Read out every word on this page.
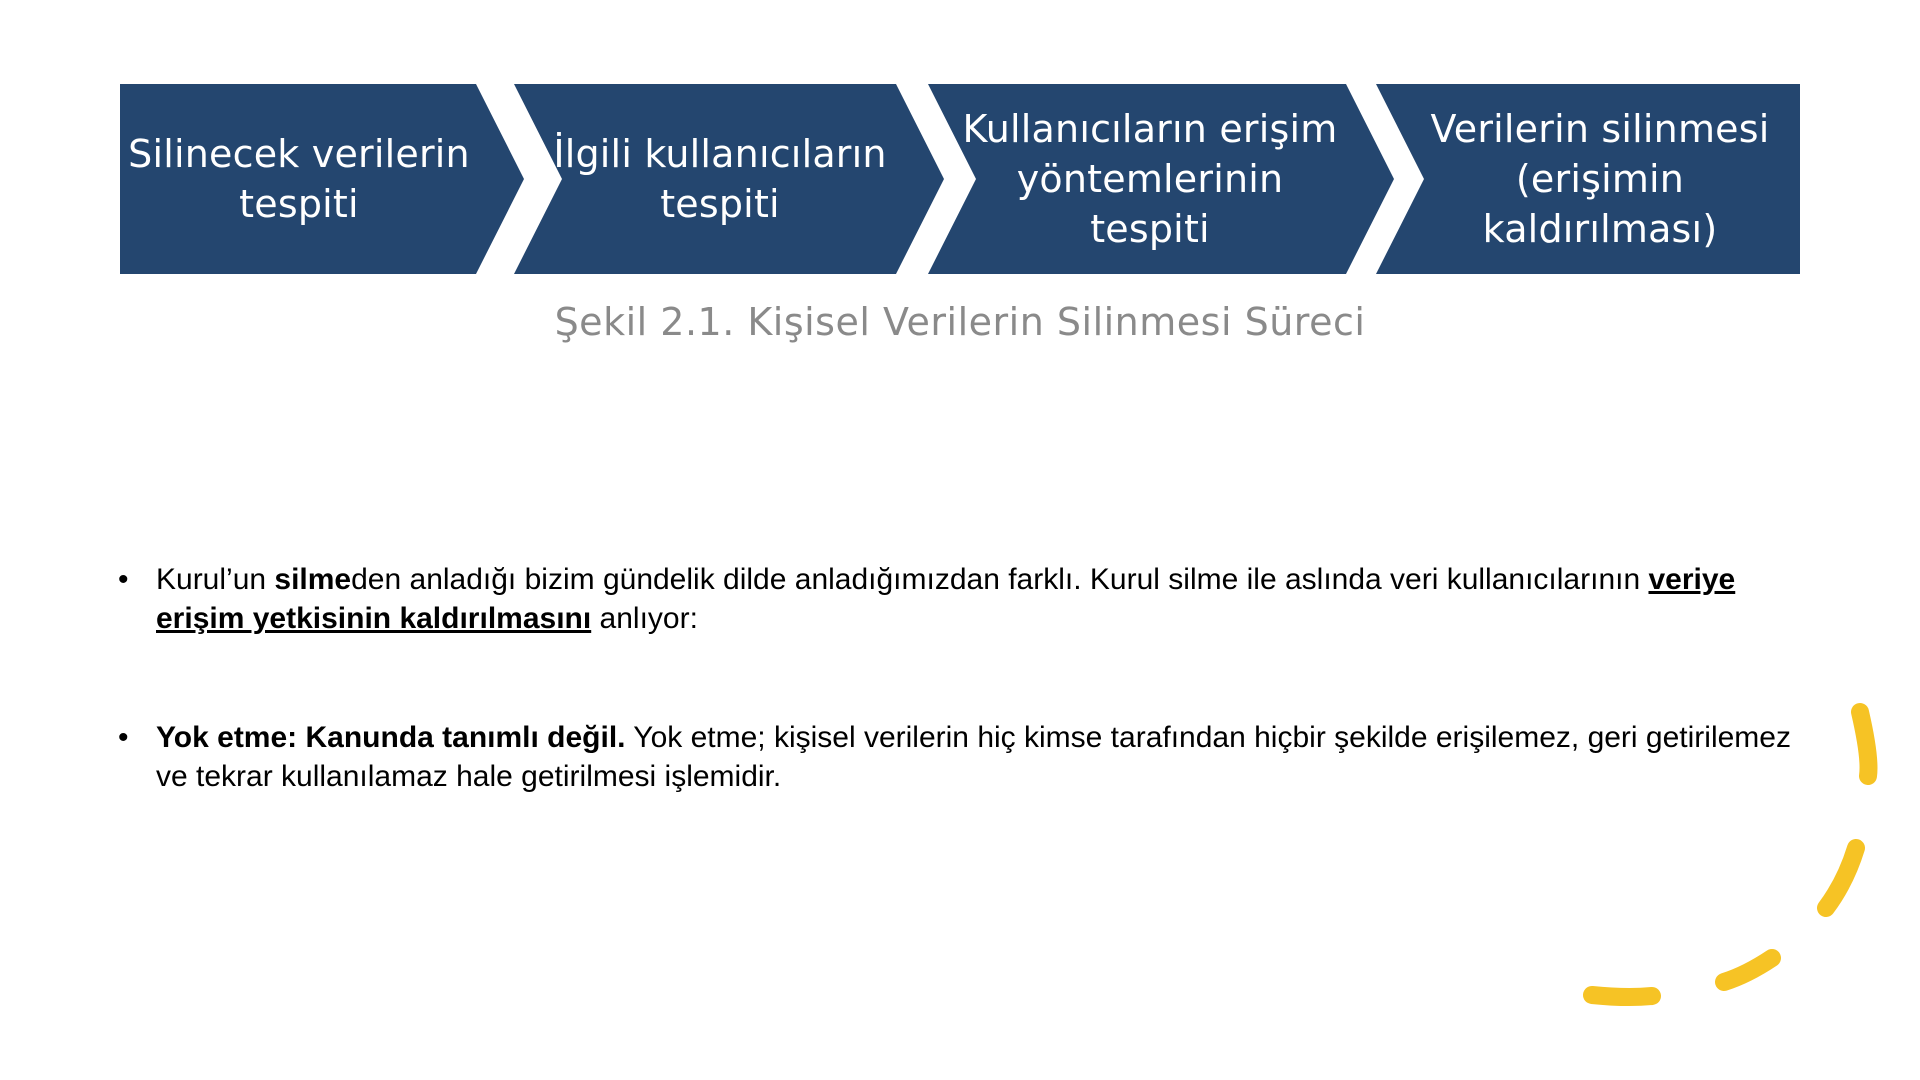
Silinecek verilerin
tespiti
İlgili kullanıcıların
tespiti
Kullanıcıların erişim
yöntemlerinin
tespiti
Verilerin silinmesi
(erişimin
kaldırılması)
Şekil 2.1. Kişisel Verilerin Silinmesi Süreci
• Kurul’un silmeden anladığı bizim gündelik dilde anladığımızdan farklı. Kurul silme ile aslında veri kullanıcılarının veriye erişim yetkisinin kaldırılmasını anlıyor:
• Yok etme: Kanunda tanımlı değil. Yok etme; kişisel verilerin hiç kimse tarafından hiçbir şekilde erişilemez, geri getirilemez ve tekrar kullanılamaz hale getirilmesi işlemidir.
